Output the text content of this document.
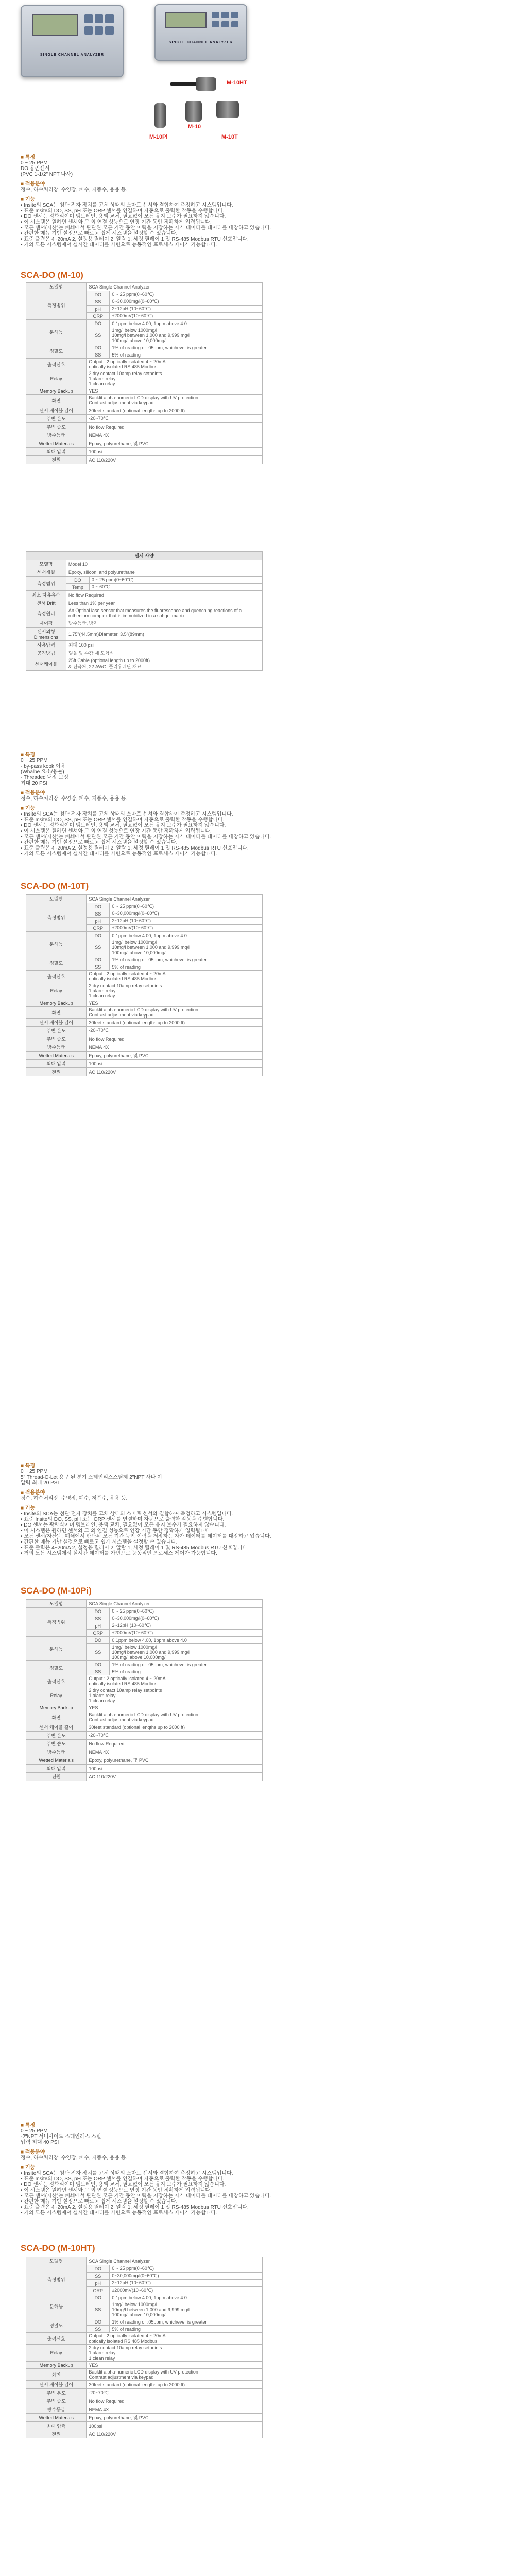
SINGLE CHANNEL ANALYZER
SINGLE CHANNEL ANALYZER
M-10HT
M-10Pi
M-10
M-10T

■ 특징

0 ~ 25 PPM

DO 용존센서

(PVC 1-1/2" NPT 나사)

■ 적용분야

정수, 하수처리장, 수영장, 폐수, 저품수, 용용 등.

■ 기능

• Insite의 SCA는 첨단 전자 장치를 고체 상태의 스마트 센서와 결합하여 측정하고 시스템입니다.

• 표준 Insite의 DO, SS, pH 또는 ORP 센서를 연결하며 자동으로 출력한 작동을 수행합니다.

• DO 센서는 광학식이며 멤브레인, 용액 교체, 필요없이 모든 유지 보수가 필요하지 않습니다.

• 이 시스템은 원하면 센서와 그 외 연결 성능으로 연장 기간 동안 정확하게 입력됩니다.

• 모든 센서(자산)는 폐쇄에서 판단된 모든 기간 동안 이력을 저장하는 자가 데이터를 데이터를 대장하고 있습니다.

• 간편한 메뉴 기반 설정으로 빠르고 쉽게 시스템을 설정할 수 있습니다.

• 표준 출력은 4~20mA 2, 설정용 릴레이 2, 알람 1, 세정 릴레이 1 및 RS-485 Modbus RTU 신호입니다.

• 거의 모든 시스템에서 실시간 데이터를 가변으로 능동적인 프로세스 제어가 가능합니다.

SCA-DO (M-10)
모델명	SCA Single Channel Analyzer	
측정범위	DO	0 ~ 25 ppm(0~60℃)
	SS	0~30,000mg/l(0~60℃)
	pH	2~12pH (10~60℃)
	ORP	±2000mV(10~60℃)
분해능	DO	0.1ppm below 4.00, 1ppm above 4.0
	SS	1mg/l below 1000mg/l
10mg/l between 1,000 and 9,999 mg/l
100mg/l above 10,000mg/l
정밀도	DO	1% of reading or .05ppm, whichever is greater
	SS	5% of reading
출력신호	Output : 2 optically isolated 4 ~ 20mA
optically isolated RS 485 Modbus	
Relay	2 dry contact 10amp relay setpoints
1 alarm relay
1 clean relay	
Memory Backup	YES	
화면	Backlit alpha-numeric LCD display with UV protection
Contrast adjustment via keypad	
센서 케이블 길이	30feet standard (optional lengths up to 2000 ft)	
주변 온도	-20~70℃	
주변 습도	No flow Required	
방수등급	NEMA 4X	
Wetted Materials	Epoxy, polyurethane, 및 PVC	
최대 압력	100psi	
전원	AC 110/220V	
센서 사양		
모델명	Model 10	
센서재질	Epoxy, silicon, and polyurethane	
측정범위	DO	0 ~ 25 ppm(0~60℃)
	Temp	0 ~ 60℃
최소 자유유속	No flow Required	
센서 Drift	Less than 1% per year	
측정원리	An Optical lase sensor that measures the fluorescence and quenching reactions of a ruthenium complex that is immobilized in a sol-gel matrix	
제어평	방수등급, 방지	
센서외형 Dimensions	1.75"(44.5mm)Diameter, 3.5"(89mm)	
사용압력	최대 100 psi	
공격방법	덮을 및 수감 세 모형식	
센서케이블	25ft Cable (optional length up to 2000ft)
& 전극처, 22 AWG, 폴리우레탄 재료	

■ 특징

0 ~ 25 PPM

- by-pass kook 이용

(Whalbe 요소/용률)

- Threaded 내장 보정

최대 20 PSI

■ 적용분야

정수, 하수처리장, 수영장, 폐수, 저품수, 용용 등.

■ 기능

• Insite의 SCA는 첨단 전자 장치를 고체 상태의 스마트 센서와 결합하여 측정하고 시스템입니다.

• 표준 Insite의 DO, SS, pH 또는 ORP 센서를 연결하며 자동으로 출력한 작동을 수행합니다.

• DO 센서는 광학식이며 멤브레인, 용액 교체, 필요없이 모든 유지 보수가 필요하지 않습니다.

• 이 시스템은 원하면 센서와 그 외 연결 성능으로 연장 기간 동안 정확하게 입력됩니다.

• 모든 센서(자산)는 폐쇄에서 판단된 모든 기간 동안 이력을 저장하는 자가 데이터를 데이터를 대장하고 있습니다.

• 간편한 메뉴 기반 설정으로 빠르고 쉽게 시스템을 설정할 수 있습니다.

• 표준 출력은 4~20mA 2, 설정용 릴레이 2, 알람 1, 세정 릴레이 1 및 RS-485 Modbus RTU 신호입니다.

• 거의 모든 시스템에서 실시간 데이터를 가변으로 능동적인 프로세스 제어가 가능합니다.

SCA-DO (M-10T)
모델명	SCA Single Channel Analyzer	
측정범위	DO	0 ~ 25 ppm(0~60℃)
	SS	0~30,000mg/l(0~60℃)
	pH	2~12pH (10~60℃)
	ORP	±2000mV(10~60℃)
분해능	DO	0.1ppm below 4.00, 1ppm above 4.0
	SS	1mg/l below 1000mg/l
10mg/l between 1,000 and 9,999 mg/l
100mg/l above 10,000mg/l
정밀도	DO	1% of reading or .05ppm, whichever is greater
	SS	5% of reading
출력신호	Output : 2 optically isolated 4 ~ 20mA
optically isolated RS 485 Modbus	
Relay	2 dry contact 10amp relay setpoints
1 alarm relay
1 clean relay	
Memory Backup	YES	
화면	Backlit alpha-numeric LCD display with UV protection
Contrast adjustment via keypad	
센서 케이블 길이	30feet standard (optional lengths up to 2000 ft)	
주변 온도	-20~70℃	
주변 습도	No flow Required	
방수등급	NEMA 4X	
Wetted Materials	Epoxy, polyurethane, 및 PVC	
최대 압력	100psi	
전원	AC 110/220V	

■ 특징

0 ~ 25 PPM

5" Thread-O-Let 용구 된 분기 스테인리스스틸제 2"NPT 사나 이

압력 최대 20 PSI

■ 적용분야

정수, 하수처리장, 수영장, 폐수, 저품수, 용용 등.

■ 기능

• Insite의 SCA는 첨단 전자 장치를 고체 상태의 스마트 센서와 결합하여 측정하고 시스템입니다.

• 표준 Insite의 DO, SS, pH 또는 ORP 센서를 연결하며 자동으로 출력한 작동을 수행합니다.

• DO 센서는 광학식이며 멤브레인, 용액 교체, 필요없이 모든 유지 보수가 필요하지 않습니다.

• 이 시스템은 원하면 센서와 그 외 연결 성능으로 연장 기간 동안 정확하게 입력됩니다.

• 모든 센서(자산)는 폐쇄에서 판단된 모든 기간 동안 이력을 저장하는 자가 데이터를 데이터를 대장하고 있습니다.

• 간편한 메뉴 기반 설정으로 빠르고 쉽게 시스템을 설정할 수 있습니다.

• 표준 출력은 4~20mA 2, 설정용 릴레이 2, 알람 1, 세정 릴레이 1 및 RS-485 Modbus RTU 신호입니다.

• 거의 모든 시스템에서 실시간 데이터를 가변으로 능동적인 프로세스 제어가 가능합니다.

SCA-DO (M-10Pi)
모델명	SCA Single Channel Analyzer	
측정범위	DO	0 ~ 25 ppm(0~60℃)
	SS	0~30,000mg/l(0~60℃)
	pH	2~12pH (10~60℃)
	ORP	±2000mV(10~60℃)
분해능	DO	0.1ppm below 4.00, 1ppm above 4.0
	SS	1mg/l below 1000mg/l
10mg/l between 1,000 and 9,999 mg/l
100mg/l above 10,000mg/l
정밀도	DO	1% of reading or .05ppm, whichever is greater
	SS	5% of reading
출력신호	Output : 2 optically isolated 4 ~ 20mA
optically isolated RS 485 Modbus	
Relay	2 dry contact 10amp relay setpoints
1 alarm relay
1 clean relay	
Memory Backup	YES	
화면	Backlit alpha-numeric LCD display with UV protection
Contrast adjustment via keypad	
센서 케이블 길이	30feet standard (optional lengths up to 2000 ft)	
주변 온도	-20~70℃	
주변 습도	No flow Required	
방수등급	NEMA 4X	
Wetted Materials	Epoxy, polyurethane, 및 PVC	
최대 압력	100psi	
전원	AC 110/220V	

■ 특징

0 ~ 25 PPM

-2"NPT 서니사이드 스테인레스 스틸

압력 최대 40 PSI

■ 적용분야

정수, 하수처리장, 수영장, 폐수, 저품수, 용용 등.

■ 기능

• Insite의 SCA는 첨단 전자 장치를 고체 상태의 스마트 센서와 결합하여 측정하고 시스템입니다.

• 표준 Insite의 DO, SS, pH 또는 ORP 센서를 연결하며 자동으로 출력한 작동을 수행합니다.

• DO 센서는 광학식이며 멤브레인, 용액 교체, 필요없이 모든 유지 보수가 필요하지 않습니다.

• 이 시스템은 원하면 센서와 그 외 연결 성능으로 연장 기간 동안 정확하게 입력됩니다.

• 모든 센서(자산)는 폐쇄에서 판단된 모든 기간 동안 이력을 저장하는 자가 데이터를 데이터를 대장하고 있습니다.

• 간편한 메뉴 기반 설정으로 빠르고 쉽게 시스템을 설정할 수 있습니다.

• 표준 출력은 4~20mA 2, 설정용 릴레이 2, 알람 1, 세정 릴레이 1 및 RS-485 Modbus RTU 신호입니다.

• 거의 모든 시스템에서 실시간 데이터를 가변으로 능동적인 프로세스 제어가 가능합니다.

SCA-DO (M-10HT)
모델명	SCA Single Channel Analyzer	
측정범위	DO	0 ~ 25 ppm(0~60℃)
	SS	0~30,000mg/l(0~60℃)
	pH	2~12pH (10~60℃)
	ORP	±2000mV(10~60℃)
분해능	DO	0.1ppm below 4.00, 1ppm above 4.0
	SS	1mg/l below 1000mg/l
10mg/l between 1,000 and 9,999 mg/l
100mg/l above 10,000mg/l
정밀도	DO	1% of reading or .05ppm, whichever is greater
	SS	5% of reading
출력신호	Output : 2 optically isolated 4 ~ 20mA
optically isolated RS 485 Modbus	
Relay	2 dry contact 10amp relay setpoints
1 alarm relay
1 clean relay	
Memory Backup	YES	
화면	Backlit alpha-numeric LCD display with UV protection
Contrast adjustment via keypad	
센서 케이블 길이	30feet standard (optional lengths up to 2000 ft)	
주변 온도	-20~70℃	
주변 습도	No flow Required	
방수등급	NEMA 4X	
Wetted Materials	Epoxy, polyurethane, 및 PVC	
최대 압력	100psi	
전원	AC 110/220V	
